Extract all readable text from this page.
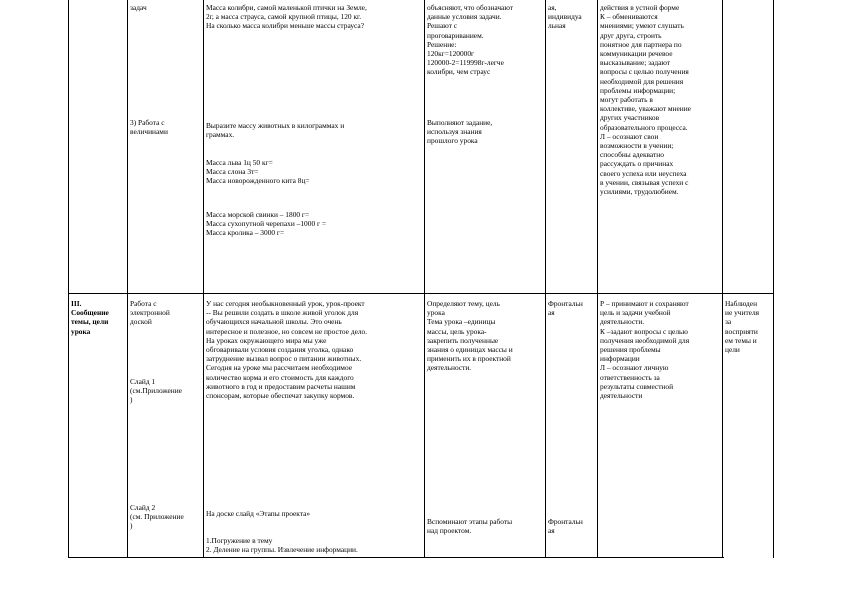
задач
3) Работа с
величинами
Масса колибри, самой маленькой птички на Земле,
2г, а масса страуса, самой крупной птицы, 120 кг.
На сколько масса колибри меньше массы страуса?
Выразите массу животных в килограммах и
граммах.
Масса льва 1ц 50 кг=
Масса слона 3т=
Масса новорожденного кита 8ц=
Масса морской свинки – 1800 г=
Масса сухопутной черепахи –1000 г =
Масса кролика – 3000 г=
объясняют, что обозначают
данные условия задачи.
Решают с
проговариванием.
Решение:
120кг=120000г
120000-2=119998г-легче
колибри, чем страус
Выполняют задание,
используя знания
прошлого урока
ая,
индивидуа
льная
действия в устной форме
К – обмениваются
мнениями; умеют слушать
друг друга, строить
понятное для партнера по
коммуникации речевое
высказывание; задают
вопросы с целью получения
необходимой для решения
проблемы информации;
могут работать в
коллективе, уважают мнение
других участников
образовательного процесса.
Л – осознают свои
возможности в учении;
способны адекватно
рассуждать о причинах
своего успеха или неуспеха
в учении, связывая успехи с
усилиями, трудолюбием.
III.
Сообщение
темы, цели
урока
Работа с
электронной
доской
Слайд 1
(см.Приложение
)
Слайд 2
(см. Приложение
)
У нас сегодня необыкновенный урок, урок-проект
-- Вы решили создать в школе живой уголок для
обучающихся начальной школы. Это очень
интересное и полезное, но совсем не простое дело.
На уроках окружающего мира мы уже
обговаривали условия создания уголка, однако
затруднение вызвал вопрос о питании животных.
Сегодня на уроке мы рассчитаем необходимое
количество корма и его стоимость для каждого
животного в год и предоставим расчеты нашим
спонсорам, которые обеспечат закупку кормов.
На доске слайд «Этапы проекта»
1.Погружение в тему
2. Деление на группы. Извлечение информации.
Определяют тему, цель
урока
Тема урока –единицы
массы, цель урока-
закрепить полученные
знания о единицах массы и
применить их в проектной
деятельности.
Вспоминают этапы работы
над проектом.
Фронтальн
ая
Фронтальн
ая
Р – принимают и сохраняют
цель и задачи учебной
деятельности.
К –задают вопросы с целью
получения необходимой для
решения проблемы
информации
Л – осознают личную
ответственность за
результаты совместной
деятельности
Наблюден
ие учителя
за
восприяти
ем темы и
цели
